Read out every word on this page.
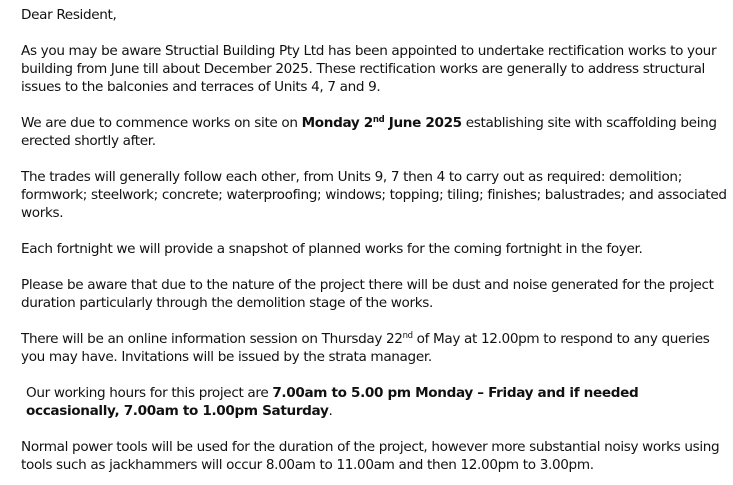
Dear Resident,

As you may be aware Structial Building Pty Ltd has been appointed to undertake rectification works to your building from June till about December 2025. These rectification works are generally to address structural issues to the balconies and terraces of Units 4, 7 and 9.

We are due to commence works on site on Monday 2nd June 2025 establishing site with scaffolding being erected shortly after.

The trades will generally follow each other, from Units 9, 7 then 4 to carry out as required: demolition; formwork; steelwork; concrete; waterproofing; windows; topping; tiling; finishes; balustrades; and associated works.

Each fortnight we will provide a snapshot of planned works for the coming fortnight in the foyer.

Please be aware that due to the nature of the project there will be dust and noise generated for the project duration particularly through the demolition stage of the works.

There will be an online information session on Thursday 22nd of May at 12.00pm to respond to any queries you may have. Invitations will be issued by the strata manager.

Our working hours for this project are 7.00am to 5.00 pm Monday – Friday and if needed occasionally, 7.00am to 1.00pm Saturday.

Normal power tools will be used for the duration of the project, however more substantial noisy works using tools such as jackhammers will occur 8.00am to 11.00am and then 12.00pm to 3.00pm.
